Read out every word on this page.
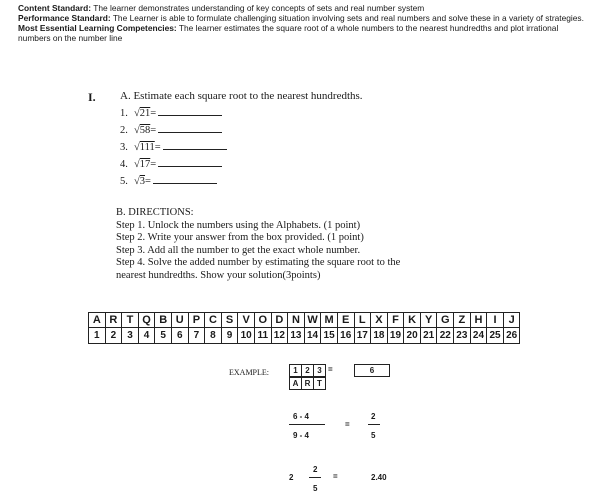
Content Standard: The learner demonstrates understanding of key concepts of sets and real number system

Performance Standard: The Learner is able to formulate challenging situation involving sets and real numbers and solve these in a variety of strategies.

Most Essential Learning Competencies: The learner estimates the square root of a whole numbers to the nearest hundredths and plot irrational numbers on the number line

I. A. Estimate each square root to the nearest hundredths.
1. √21=
2. √58=
3. √111=
4. √17=
5. √3=

B. DIRECTIONS:

Step 1. Unlock the numbers using the Alphabets. (1 point)

Step 2. Write your answer from the box provided. (1 point)

Step 3. Add all the number to get the exact whole number.

Step 4. Solve the added number by estimating the square root to the

nearest hundredths. Show your solution(3points)

A	R	T	Q	B	U	P	C	S	V	O	D	N	W	M	E	L	X	F	K	Y	G	Z	H	I	J
1	2	3	4	5	6	7	8	9	10	11	12	13	14	15	16	17	18	19	20	21	22	23	24	25	26
EXAMPLE:	1 2 3
A R T
=	6
6 - 4
9 - 4
=
2
5
2
2
5
=	2.40
